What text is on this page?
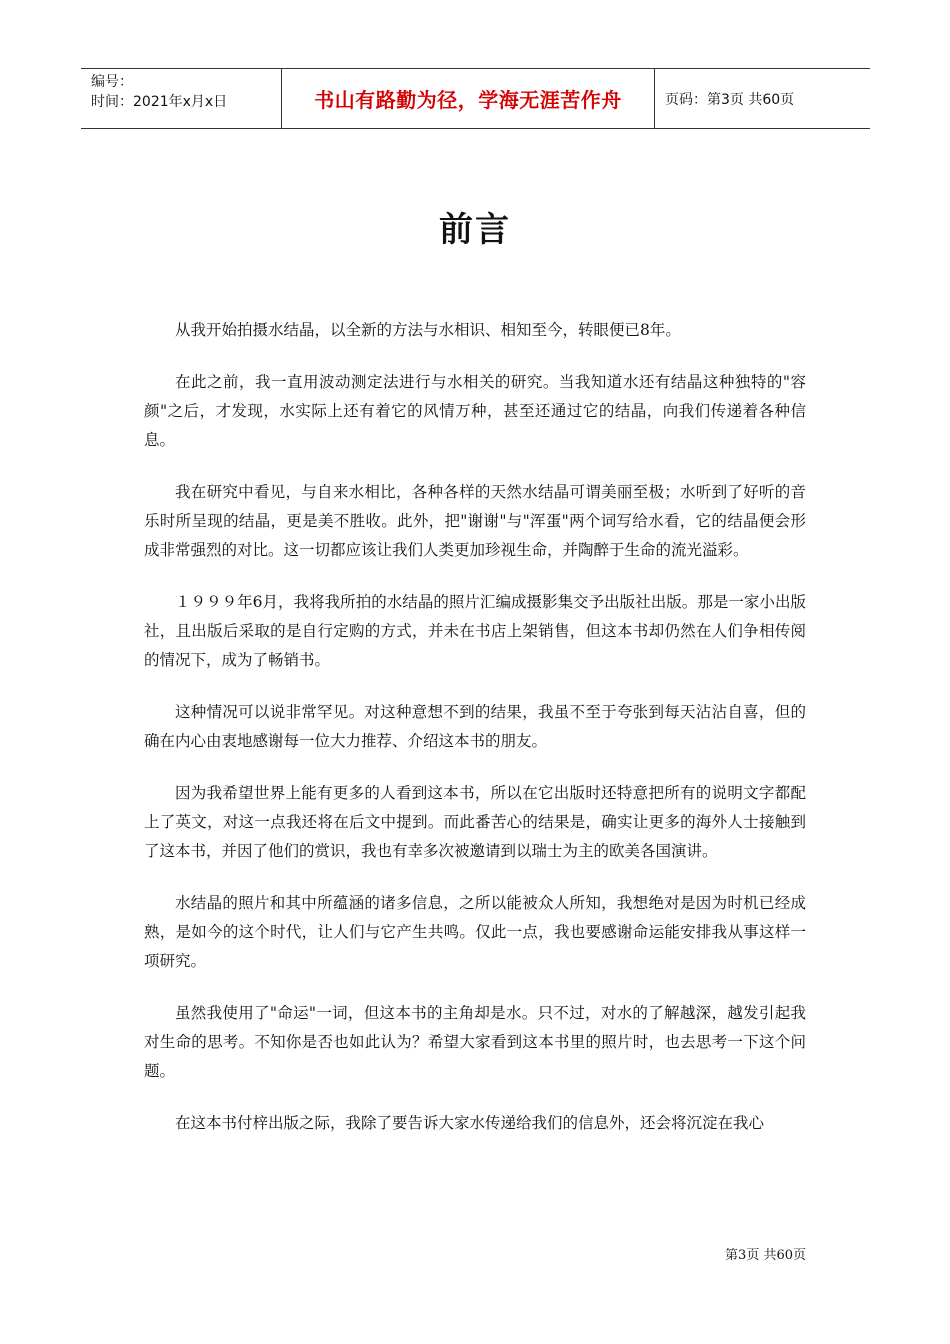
编号：
时间：2021年x月x日	书山有路勤为径，学海无涯苦作舟	页码：第3页 共60页
前言

从我开始拍摄水结晶，以全新的方法与水相识、相知至今，转眼便已8年。

在此之前，我一直用波动测定法进行与水相关的研究。当我知道水还有结晶这种独特的"容颜"之后，才发现，水实际上还有着它的风情万种，甚至还通过它的结晶，向我们传递着各种信息。

我在研究中看见，与自来水相比，各种各样的天然水结晶可谓美丽至极；水听到了好听的音乐时所呈现的结晶，更是美不胜收。此外，把"谢谢"与"浑蛋"两个词写给水看，它的结晶便会形成非常强烈的对比。这一切都应该让我们人类更加珍视生命，并陶醉于生命的流光溢彩。

１９９９年6月，我将我所拍的水结晶的照片汇编成摄影集交予出版社出版。那是一家小出版社，且出版后采取的是自行定购的方式，并未在书店上架销售，但这本书却仍然在人们争相传阅的情况下，成为了畅销书。

这种情况可以说非常罕见。对这种意想不到的结果，我虽不至于夸张到每天沾沾自喜，但的确在内心由衷地感谢每一位大力推荐、介绍这本书的朋友。

因为我希望世界上能有更多的人看到这本书，所以在它出版时还特意把所有的说明文字都配上了英文，对这一点我还将在后文中提到。而此番苦心的结果是，确实让更多的海外人士接触到了这本书，并因了他们的赏识，我也有幸多次被邀请到以瑞士为主的欧美各国演讲。

水结晶的照片和其中所蕴涵的诸多信息，之所以能被众人所知，我想绝对是因为时机已经成熟，是如今的这个时代，让人们与它产生共鸣。仅此一点，我也要感谢命运能安排我从事这样一项研究。

虽然我使用了"命运"一词，但这本书的主角却是水。只不过，对水的了解越深，越发引起我对生命的思考。不知你是否也如此认为？希望大家看到这本书里的照片时，也去思考一下这个问题。

在这本书付梓出版之际，我除了要告诉大家水传递给我们的信息外，还会将沉淀在我心

第3页 共60页
